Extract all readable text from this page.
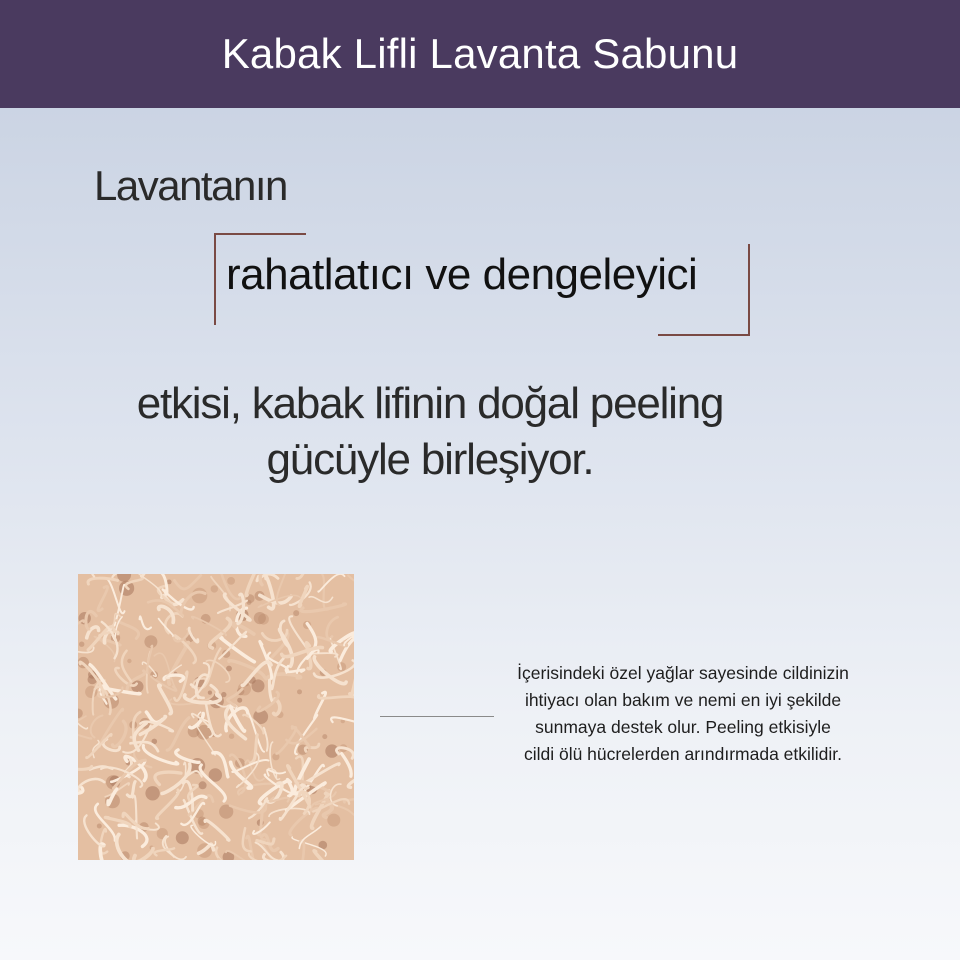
Kabak Lifli Lavanta Sabunu
Lavantanın
rahatlatıcı ve dengeleyici
etkisi, kabak lifinin doğal peeling
gücüyle birleşiyor.

İçerisindeki özel yağlar sayesinde cildinizin

ihtiyacı olan bakım ve nemi en iyi şekilde

sunmaya destek olur. Peeling etkisiyle

cildi ölü hücrelerden arındırmada etkilidir.
